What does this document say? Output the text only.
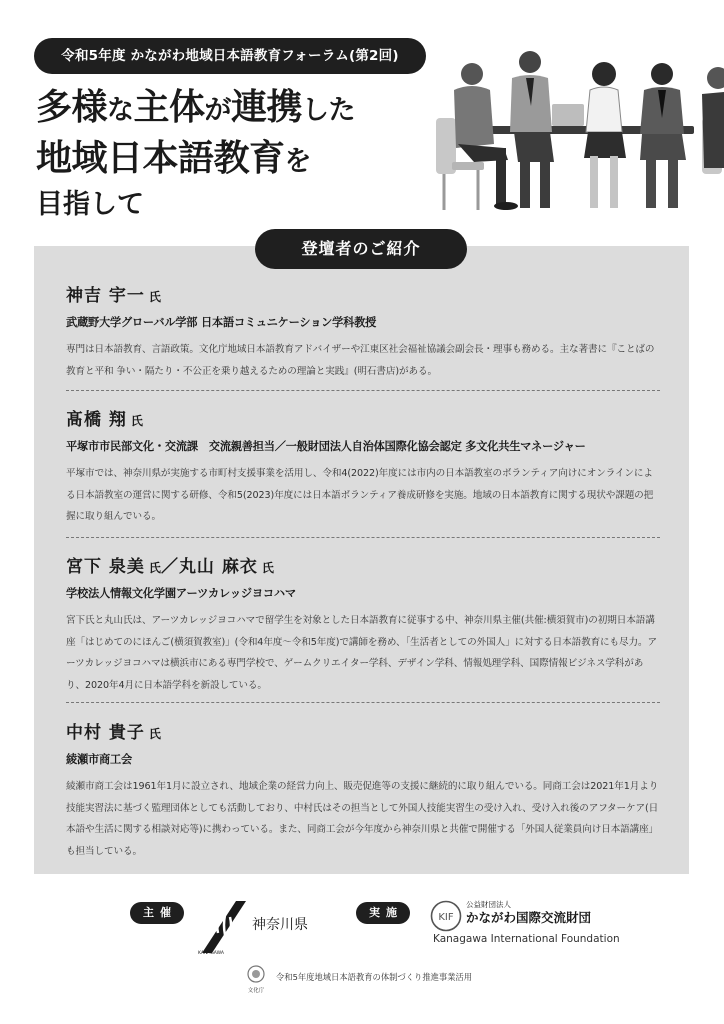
令和5年度 かながわ地域日本語教育フォーラム(第2回)
多様な主体が連携した
地域日本語教育を
目指して
登壇者のご紹介
神吉 宇一 氏
武蔵野大学グローバル学部 日本語コミュニケーション学科教授
専門は日本語教育、言語政策。文化庁地域日本語教育アドバイザーや江東区社会福祉協議会副会長・理事も務める。主な著書に『ことばの教育と平和 争い・隔たり・不公正を乗り越えるための理論と実践』(明石書店)がある。
髙橋 翔 氏
平塚市市民部文化・交流課　交流親善担当／一般財団法人自治体国際化協会認定 多文化共生マネージャー
平塚市では、神奈川県が実施する市町村支援事業を活用し、令和4(2022)年度には市内の日本語教室のボランティア向けにオンラインによる日本語教室の運営に関する研修、令和5(2023)年度には日本語ボランティア養成研修を実施。地域の日本語教育に関する現状や課題の把握に取り組んでいる。
宮下 泉美 氏／丸山 麻衣 氏
学校法人情報文化学園アーツカレッジヨコハマ
宮下氏と丸山氏は、アーツカレッジヨコハマで留学生を対象とした日本語教育に従事する中、神奈川県主催(共催:横須賀市)の初期日本語講座「はじめてのにほんご(横須賀教室)」(令和4年度〜令和5年度)で講師を務め、「生活者としての外国人」に対する日本語教育にも尽力。アーツカレッジヨコハマは横浜市にある専門学校で、ゲームクリエイター学科、デザイン学科、情報処理学科、国際情報ビジネス学科があり、2020年4月に日本語学科を新設している。
中村 貴子 氏
綾瀬市商工会
綾瀬市商工会は1961年1月に設立され、地域企業の経営力向上、販売促進等の支援に継続的に取り組んでいる。同商工会は2021年1月より技能実習法に基づく監理団体としても活動しており、中村氏はその担当として外国人技能実習生の受け入れ、受け入れ後のアフターケア(日本語や生活に関する相談対応等)に携わっている。また、同商工会が今年度から神奈川県と共催で開催する「外国人従業員向け日本語講座」も担当している。
主催
KANAGAWA
神奈川県
実施	KIF
公益財団法人
かながわ国際交流財団
Kanagawa International Foundation
文化庁
令和5年度地域日本語教育の体制づくり推進事業活用
